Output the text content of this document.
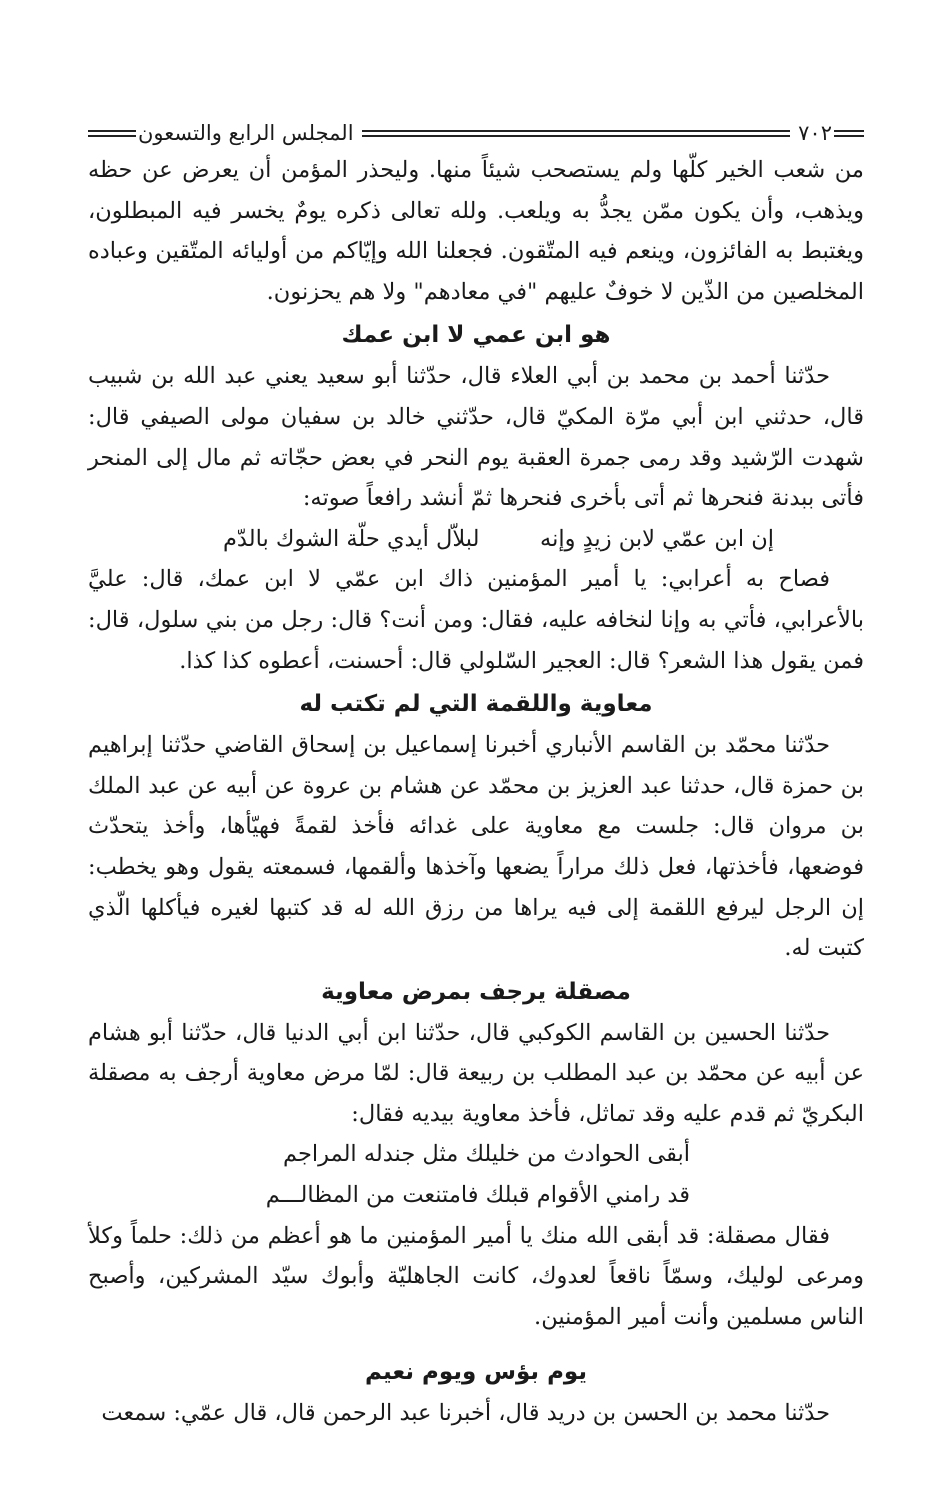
٧٠٢
المجلس الرابع والتسعون

من شعب الخير كلّها ولم يستصحب شيئاً منها. وليحذر المؤمن أن يعرض عن حظه ويذهب، وأن يكون ممّن يجدُّ به ويلعب. ولله تعالى ذكره يومٌ يخسر فيه المبطلون، ويغتبط به الفائزون، وينعم فيه المتّقون. فجعلنا الله وإيّاكم من أوليائه المتّقين وعباده المخلصين من الذّين لا خوفٌ عليهم "في معادهم" ولا هم يحزنون.

هو ابن عمي لا ابن عمك

حدّثنا أحمد بن محمد بن أبي العلاء قال، حدّثنا أبو سعيد يعني عبد الله بن شبيب قال، حدثني ابن أبي مرّة المكيّ قال، حدّثني خالد بن سفيان مولى الصيفي قال: شهدت الرّشيد وقد رمى جمرة العقبة يوم النحر في بعض حجّاته ثم مال إلى المنحر فأتى ببدنة فنحرها ثم أتى بأخرى فنحرها ثمّ أنشد رافعاً صوته:

إن ابن عمّي لابن زيدٍ وإنه
لبلاّل أيدي حلّة الشوك بالدّم

فصاح به أعرابي: يا أمير المؤمنين ذاك ابن عمّي لا ابن عمك، قال: عليَّ بالأعرابي، فأتي به وإنا لنخافه عليه، فقال: ومن أنت؟ قال: رجل من بني سلول، قال: فمن يقول هذا الشعر؟ قال: العجير السّلولي قال: أحسنت، أعطوه كذا كذا.

معاوية واللقمة التي لم تكتب له

حدّثنا محمّد بن القاسم الأنباري أخبرنا إسماعيل بن إسحاق القاضي حدّثنا إبراهيم بن حمزة قال، حدثنا عبد العزيز بن محمّد عن هشام بن عروة عن أبيه عن عبد الملك بن مروان قال: جلست مع معاوية على غدائه فأخذ لقمةً فهيّأها، وأخذ يتحدّث فوضعها، فأخذتها، فعل ذلك مراراً يضعها وآخذها وألقمها، فسمعته يقول وهو يخطب: إن الرجل ليرفع اللقمة إلى فيه يراها من رزق الله له قد كتبها لغيره فيأكلها الّذي كتبت له.

مصقلة يرجف بمرض معاوية

حدّثنا الحسين بن القاسم الكوكبي قال، حدّثنا ابن أبي الدنيا قال، حدّثنا أبو هشام عن أبيه عن محمّد بن عبد المطلب بن ربيعة قال: لمّا مرض معاوية أرجف به مصقلة البكريّ ثم قدم عليه وقد تماثل، فأخذ معاوية بيديه فقال:

أبقى الحوادث من خليلك مثل جندله المراجم
قد رامني الأقوام قبلك فامتنعت من المظالـــم

فقال مصقلة: قد أبقى الله منك يا أمير المؤمنين ما هو أعظم من ذلك: حلماً وكلأ ومرعى لوليك، وسمّاً ناقعاً لعدوك، كانت الجاهليّة وأبوك سيّد المشركين، وأصبح الناس مسلمين وأنت أمير المؤمنين.

يوم بؤس ويوم نعيم

حدّثنا محمد بن الحسن بن دريد قال، أخبرنا عبد الرحمن قال، قال عمّي: سمعت
